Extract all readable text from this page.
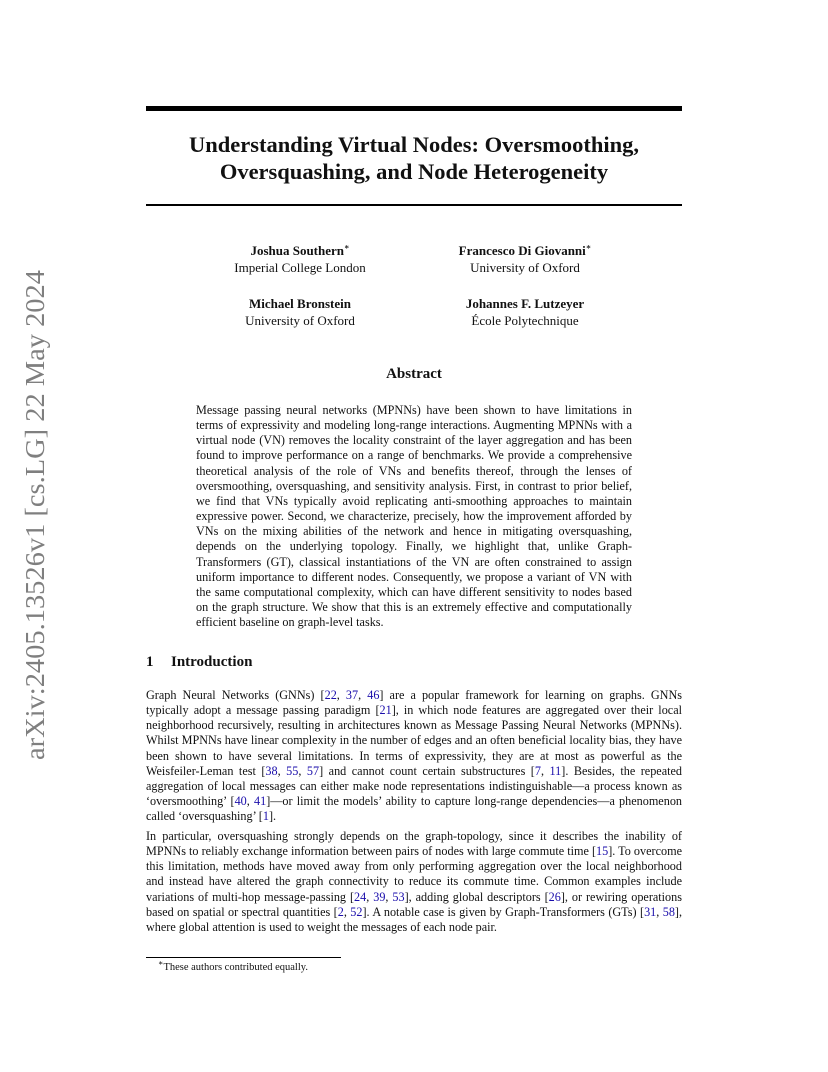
arXiv:2405.13526v1 [cs.LG] 22 May 2024
Understanding Virtual Nodes: Oversmoothing, Oversquashing, and Node Heterogeneity
Joshua Southern∗
Imperial College London
Francesco Di Giovanni∗
University of Oxford
Michael Bronstein
University of Oxford
Johannes F. Lutzeyer
École Polytechnique
Abstract

Message passing neural networks (MPNNs) have been shown to have limitations in terms of expressivity and modeling long-range interactions. Augmenting MPNNs with a virtual node (VN) removes the locality constraint of the layer aggregation and has been found to improve performance on a range of benchmarks. We provide a comprehensive theoretical analysis of the role of VNs and benefits thereof, through the lenses of oversmoothing, oversquashing, and sensitivity analysis. First, in contrast to prior belief, we find that VNs typically avoid replicating anti-smoothing approaches to maintain expressive power. Second, we characterize, precisely, how the improvement afforded by VNs on the mixing abilities of the network and hence in mitigating oversquashing, depends on the underlying topology. Finally, we highlight that, unlike Graph-Transformers (GT), classical instantiations of the VN are often constrained to assign uniform importance to different nodes. Consequently, we propose a variant of VN with the same computational complexity, which can have different sensitivity to nodes based on the graph structure. We show that this is an extremely effective and computationally efficient baseline on graph-level tasks.

1 Introduction

Graph Neural Networks (GNNs) [22, 37, 46] are a popular framework for learning on graphs. GNNs typically adopt a message passing paradigm [21], in which node features are aggregated over their local neighborhood recursively, resulting in architectures known as Message Passing Neural Networks (MPNNs). Whilst MPNNs have linear complexity in the number of edges and an often beneficial locality bias, they have been shown to have several limitations. In terms of expressivity, they are at most as powerful as the Weisfeiler-Leman test [38, 55, 57] and cannot count certain substructures [7, 11]. Besides, the repeated aggregation of local messages can either make node representations indistinguishable—a process known as ‘oversmoothing’ [40, 41]—or limit the models’ ability to capture long-range dependencies—a phenomenon called ‘oversquashing’ [1].

In particular, oversquashing strongly depends on the graph-topology, since it describes the inability of MPNNs to reliably exchange information between pairs of nodes with large commute time [15]. To overcome this limitation, methods have moved away from only performing aggregation over the local neighborhood and instead have altered the graph connectivity to reduce its commute time. Common examples include variations of multi-hop message-passing [24, 39, 53], adding global descriptors [26], or rewiring operations based on spatial or spectral quantities [2, 52]. A notable case is given by Graph-Transformers (GTs) [31, 58], where global attention is used to weight the messages of each node pair.

∗These authors contributed equally.
